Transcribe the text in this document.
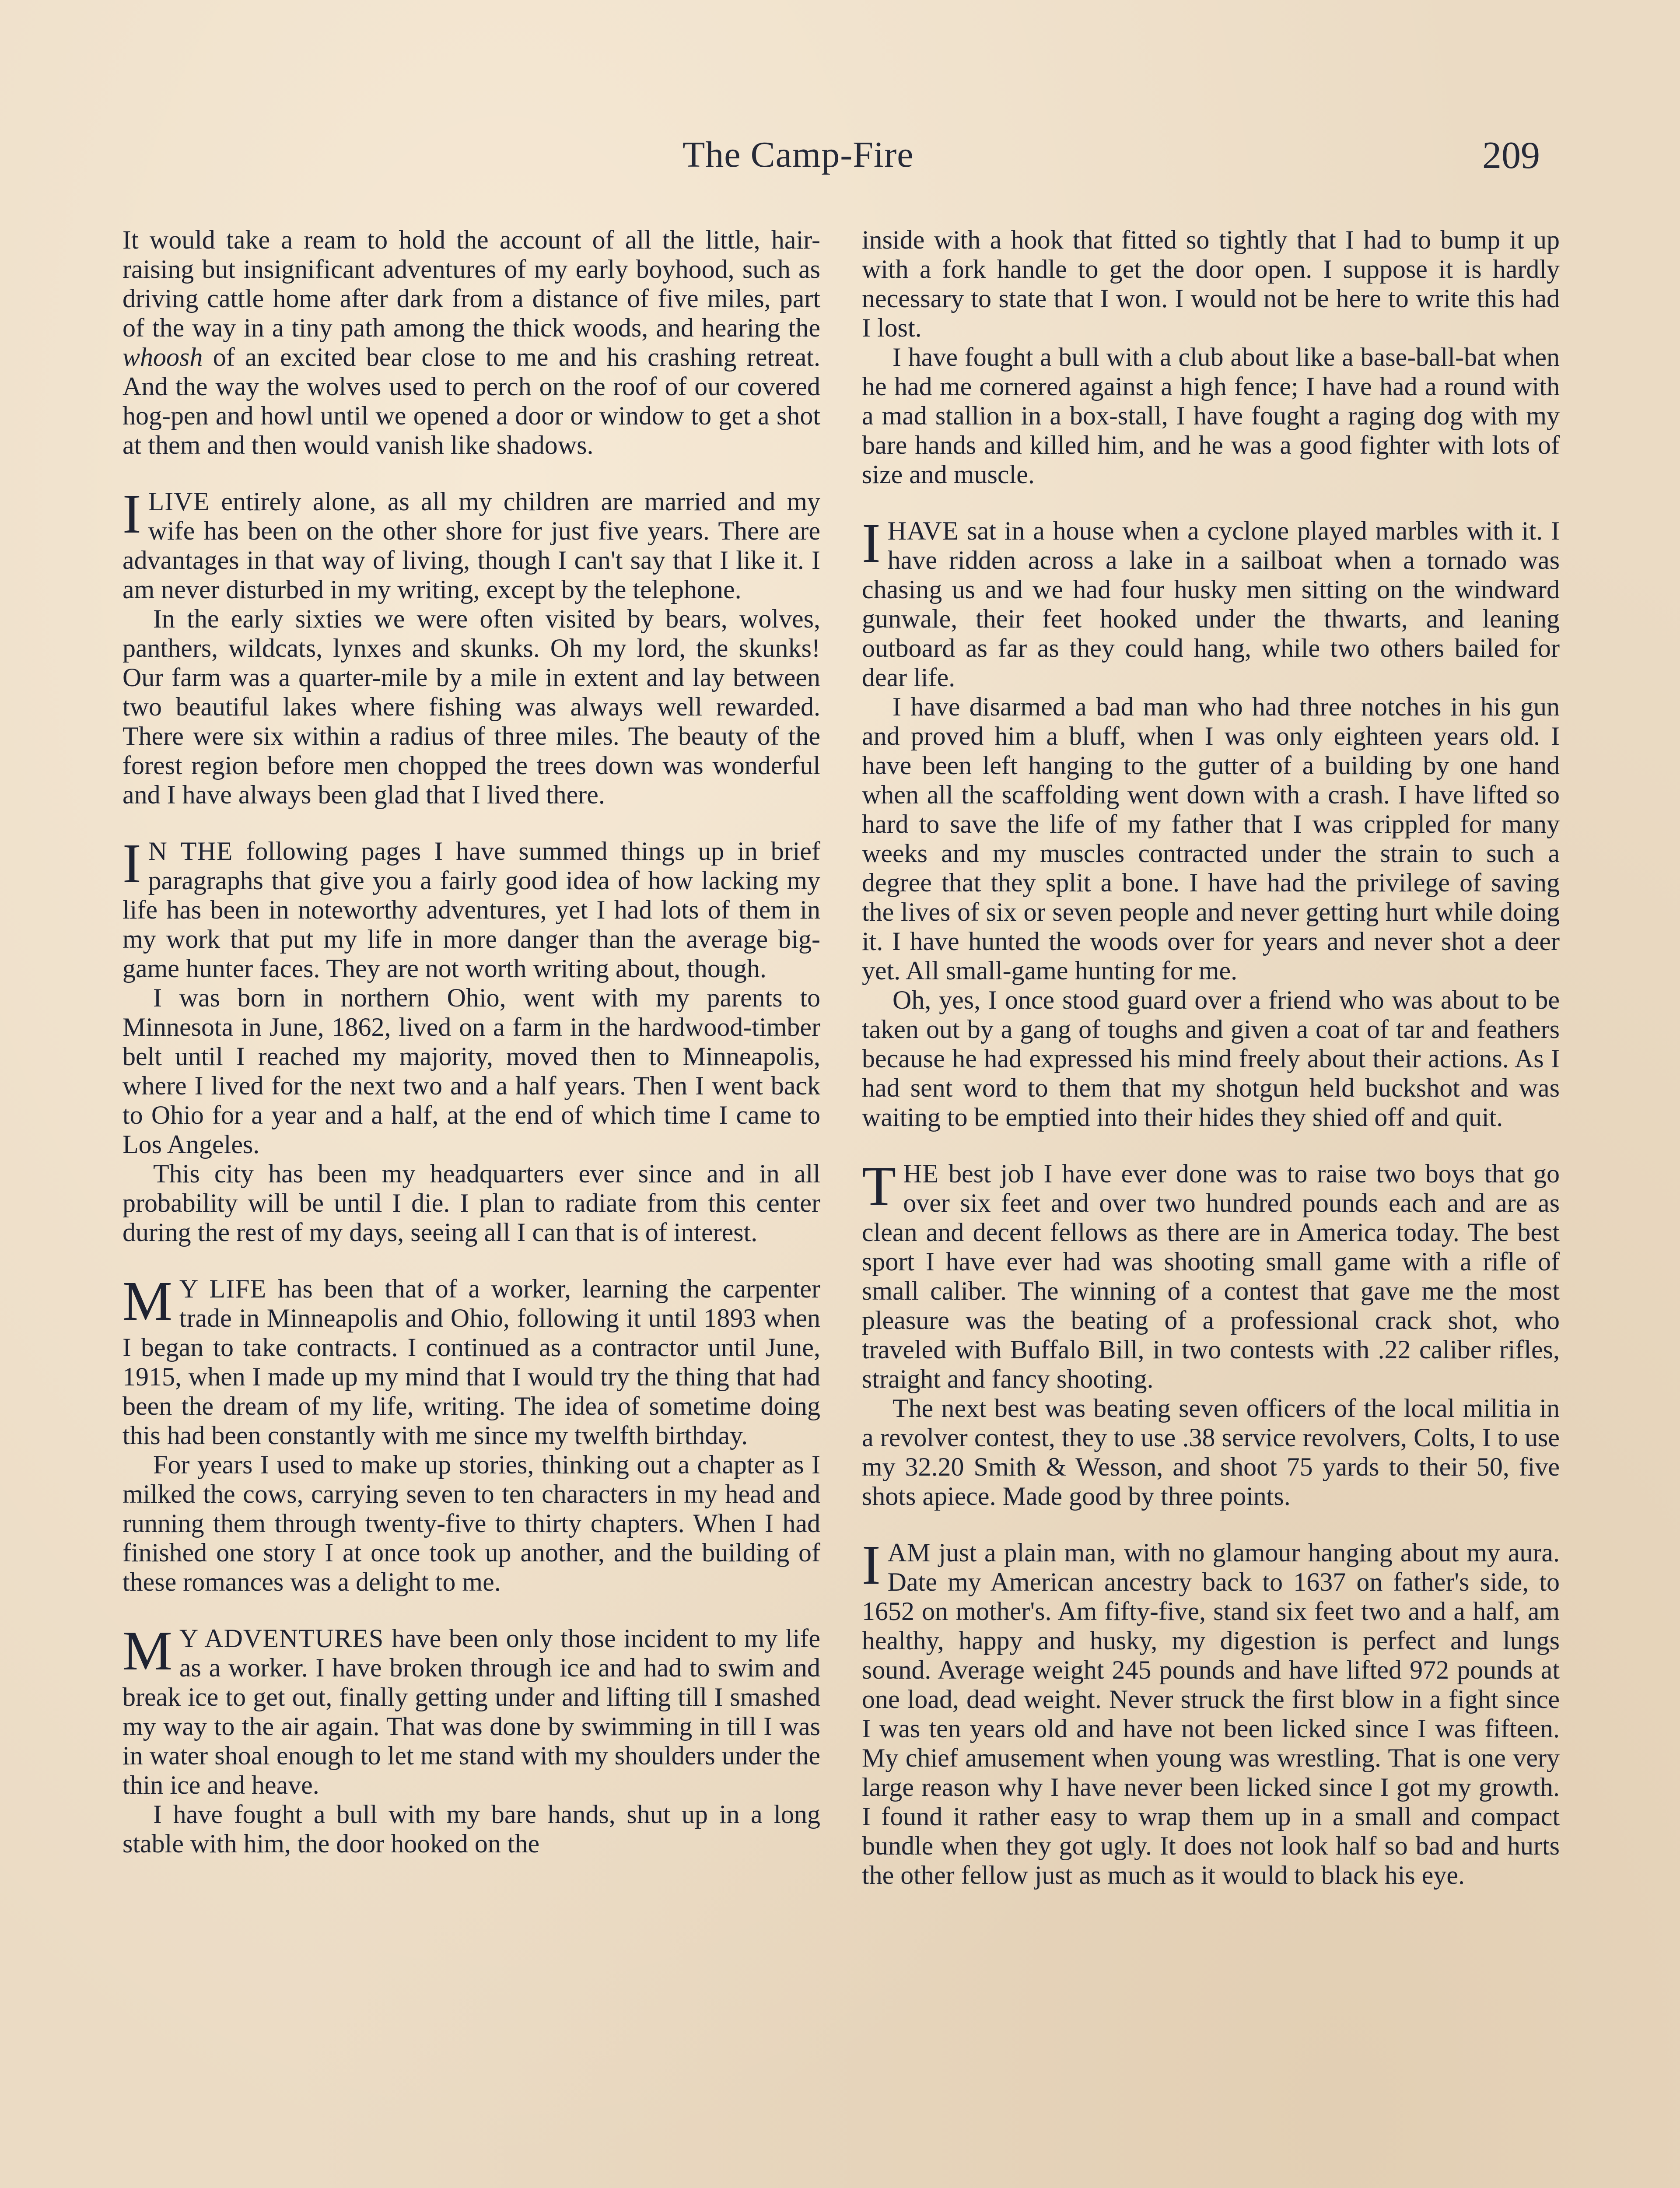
The Camp-Fire	209

It would take a ream to hold the account of all the little, hair-raising but insignificant adventures of my early boyhood, such as driving cattle home after dark from a distance of five miles, part of the way in a tiny path among the thick woods, and hearing the whoosh of an excited bear close to me and his crashing retreat. And the way the wolves used to perch on the roof of our covered hog-pen and howl until we opened a door or window to get a shot at them and then would vanish like shadows.

ILIVE entirely alone, as all my children are married and my wife has been on the other shore for just five years. There are advantages in that way of living, though I can't say that I like it. I am never disturbed in my writing, except by the telephone.

In the early sixties we were often visited by bears, wolves, panthers, wildcats, lynxes and skunks. Oh my lord, the skunks! Our farm was a quarter-mile by a mile in extent and lay between two beautiful lakes where fishing was always well rewarded. There were six within a radius of three miles. The beauty of the forest region before men chopped the trees down was wonderful and I have always been glad that I lived there.

I N THE following pages I have summed things up in brief paragraphs that give you a fairly good idea of how lacking my life has been in noteworthy adventures, yet I had lots of them in my work that put my life in more danger than the average big-game hunter faces. They are not worth writing about, though.

I was born in northern Ohio, went with my parents to Minnesota in June, 1862, lived on a farm in the hardwood-timber belt until I reached my majority, moved then to Minneapolis, where I lived for the next two and a half years. Then I went back to Ohio for a year and a half, at the end of which time I came to Los Angeles.

This city has been my headquarters ever since and in all probability will be until I die. I plan to radiate from this center during the rest of my days, seeing all I can that is of interest.

M Y LIFE has been that of a worker, learning the carpenter trade in Minneapolis and Ohio, following it until 1893 when I began to take contracts. I continued as a contractor until June, 1915, when I made up my mind that I would try the thing that had been the dream of my life, writing. The idea of sometime doing this had been constantly with me since my twelfth birthday.

For years I used to make up stories, thinking out a chapter as I milked the cows, carrying seven to ten characters in my head and running them through twenty-five to thirty chapters. When I had finished one story I at once took up another, and the building of these romances was a delight to me.

M Y ADVENTURES have been only those incident to my life as a worker. I have broken through ice and had to swim and break ice to get out, finally getting under and lifting till I smashed my way to the air again. That was done by swimming in till I was in water shoal enough to let me stand with my shoulders under the thin ice and heave.

I have fought a bull with my bare hands, shut up in a long stable with him, the door hooked on the

inside with a hook that fitted so tightly that I had to bump it up with a fork handle to get the door open. I suppose it is hardly necessary to state that I won. I would not be here to write this had I lost.

I have fought a bull with a club about like a base-ball-bat when he had me cornered against a high fence; I have had a round with a mad stallion in a box-stall, I have fought a raging dog with my bare hands and killed him, and he was a good fighter with lots of size and muscle.

IHAVE sat in a house when a cyclone played marbles with it. I have ridden across a lake in a sailboat when a tornado was chasing us and we had four husky men sitting on the windward gunwale, their feet hooked under the thwarts, and leaning outboard as far as they could hang, while two others bailed for dear life.

I have disarmed a bad man who had three notches in his gun and proved him a bluff, when I was only eighteen years old. I have been left hanging to the gutter of a building by one hand when all the scaffolding went down with a crash. I have lifted so hard to save the life of my father that I was crippled for many weeks and my muscles contracted under the strain to such a degree that they split a bone. I have had the privilege of saving the lives of six or seven people and never getting hurt while doing it. I have hunted the woods over for years and never shot a deer yet. All small-game hunting for me.

Oh, yes, I once stood guard over a friend who was about to be taken out by a gang of toughs and given a coat of tar and feathers because he had expressed his mind freely about their actions. As I had sent word to them that my shotgun held buckshot and was waiting to be emptied into their hides they shied off and quit.

THE best job I have ever done was to raise two boys that go over six feet and over two hundred pounds each and are as clean and decent fellows as there are in America today. The best sport I have ever had was shooting small game with a rifle of small caliber. The winning of a contest that gave me the most pleasure was the beating of a professional crack shot, who traveled with Buffalo Bill, in two contests with .22 caliber rifles, straight and fancy shooting.

The next best was beating seven officers of the local militia in a revolver contest, they to use .38 service revolvers, Colts, I to use my 32.20 Smith & Wesson, and shoot 75 yards to their 50, five shots apiece. Made good by three points.

IAM just a plain man, with no glamour hanging about my aura. Date my American ancestry back to 1637 on father's side, to 1652 on mother's. Am fifty-five, stand six feet two and a half, am healthy, happy and husky, my digestion is perfect and lungs sound. Average weight 245 pounds and have lifted 972 pounds at one load, dead weight. Never struck the first blow in a fight since I was ten years old and have not been licked since I was fifteen. My chief amusement when young was wrestling. That is one very large reason why I have never been licked since I got my growth. I found it rather easy to wrap them up in a small and compact bundle when they got ugly. It does not look half so bad and hurts the other fellow just as much as it would to black his eye.
